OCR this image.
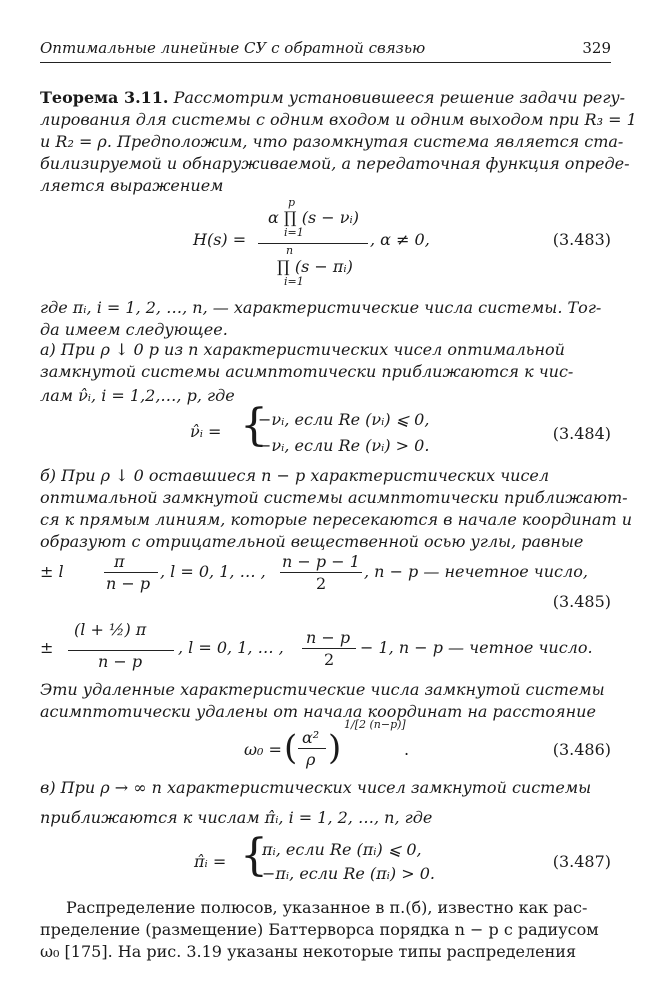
Оптимальные линейные СУ с обратной связью	329
Теорема 3.11. Рассмотрим установившееся решение задачи регу-
лирования для системы с одним входом и одним выходом при R₃ = 1
и R₂ = ρ. Предположим, что разомкнутая система является ста-
билизируемой и обнаруживаемой, а передаточная функция опреде-
ляется выражением
H(s) =
p
α ∏ (s − νᵢ)
i=1
n
∏ (s − πᵢ)
i=1
, α ≠ 0,	(3.483)
где πᵢ, i = 1, 2, …, n, — характеристические числа системы. Тог-
да имеем следующее.
а) При ρ ↓ 0 p из n характеристических чисел оптимальной
замкнутой системы асимптотически приближаются к чис-
лам ν̂ᵢ, i = 1,2,…, p, где
ν̂ᵢ = {
−νᵢ, если Re (νᵢ) ⩽ 0,
−νᵢ, если Re (νᵢ) > 0.
(3.484)
б) При ρ ↓ 0 оставшиеся n − p характеристических чисел
оптимальной замкнутой системы асимптотически приближают-
ся к прямым линиям, которые пересекаются в начале координат и
образуют с отрицательной вещественной осью углы, равные
± l
π
n − p
, l = 0, 1, … ,
n − p − 1
2
, n − p — нечетное число,
(3.485)
±
(l + ½) π
n − p
, l = 0, 1, … ,
n − p
2
− 1, n − p — четное число.
Эти удаленные характеристические числа замкнутой системы
асимптотически удалены от начала координат на расстояние
ω₀ = ( α²
ρ )
1/[2 (n−p)]
.	(3.486)
в) При ρ → ∞ n характеристических чисел замкнутой системы
приближаются к числам π̂ᵢ, i = 1, 2, …, n, где
π̂ᵢ = {
πᵢ, если Re (πᵢ) ⩽ 0,
−πᵢ, если Re (πᵢ) > 0.
(3.487)
Распределение полюсов, указанное в п.(б), известно как рас-
пределение (размещение) Баттерворса порядка n − p с радиусом
ω₀ [175]. На рис. 3.19 указаны некоторые типы распределения
